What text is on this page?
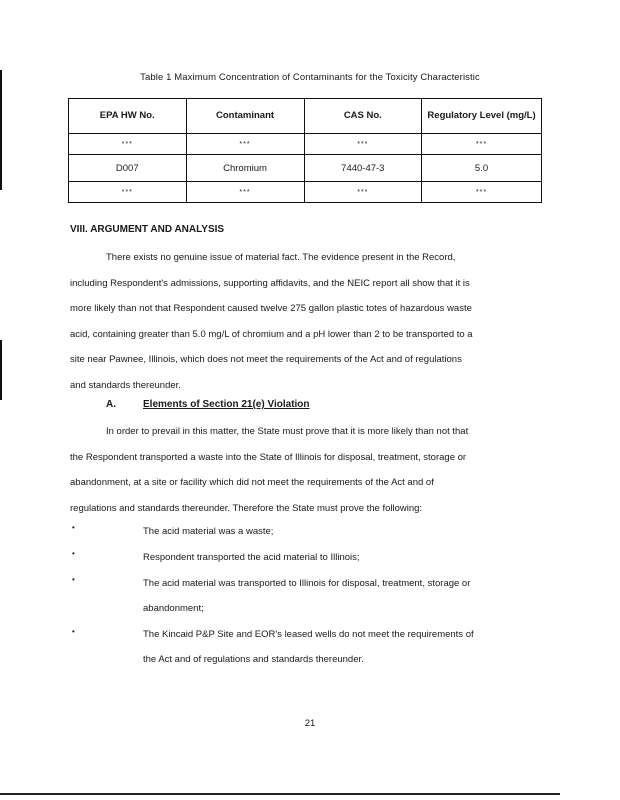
Table 1 Maximum Concentration of Contaminants for the Toxicity Characteristic
EPA HW No.	Contaminant	CAS No.	Regulatory Level (mg/L)
***	***	***	***
D007	Chromium	7440-47-3	5.0
***	***	***	***
VIII. ARGUMENT AND ANALYSIS
There exists no genuine issue of material fact. The evidence present in the Record,
including Respondent's admissions, supporting affidavits, and the NEIC report all show that it is
more likely than not that Respondent caused twelve 275 gallon plastic totes of hazardous waste
acid, containing greater than 5.0 mg/L of chromium and a pH lower than 2 to be transported to a
site near Pawnee, Illinois, which does not meet the requirements of the Act and of regulations
and standards thereunder.
A.	Elements of Section 21(e) Violation
In order to prevail in this matter, the State must prove that it is more likely than not that
the Respondent transported a waste into the State of Illinois for disposal, treatment, storage or
abandonment, at a site or facility which did not meet the requirements of the Act and of
regulations and standards thereunder. Therefore the State must prove the following:
•	The acid material was a waste;
•	Respondent transported the acid material to Illinois;
•	The acid material was transported to Illinois for disposal, treatment, storage or
abandonment;
•	The Kincaid P&P Site and EOR's leased wells do not meet the requirements of
the Act and of regulations and standards thereunder.
21
